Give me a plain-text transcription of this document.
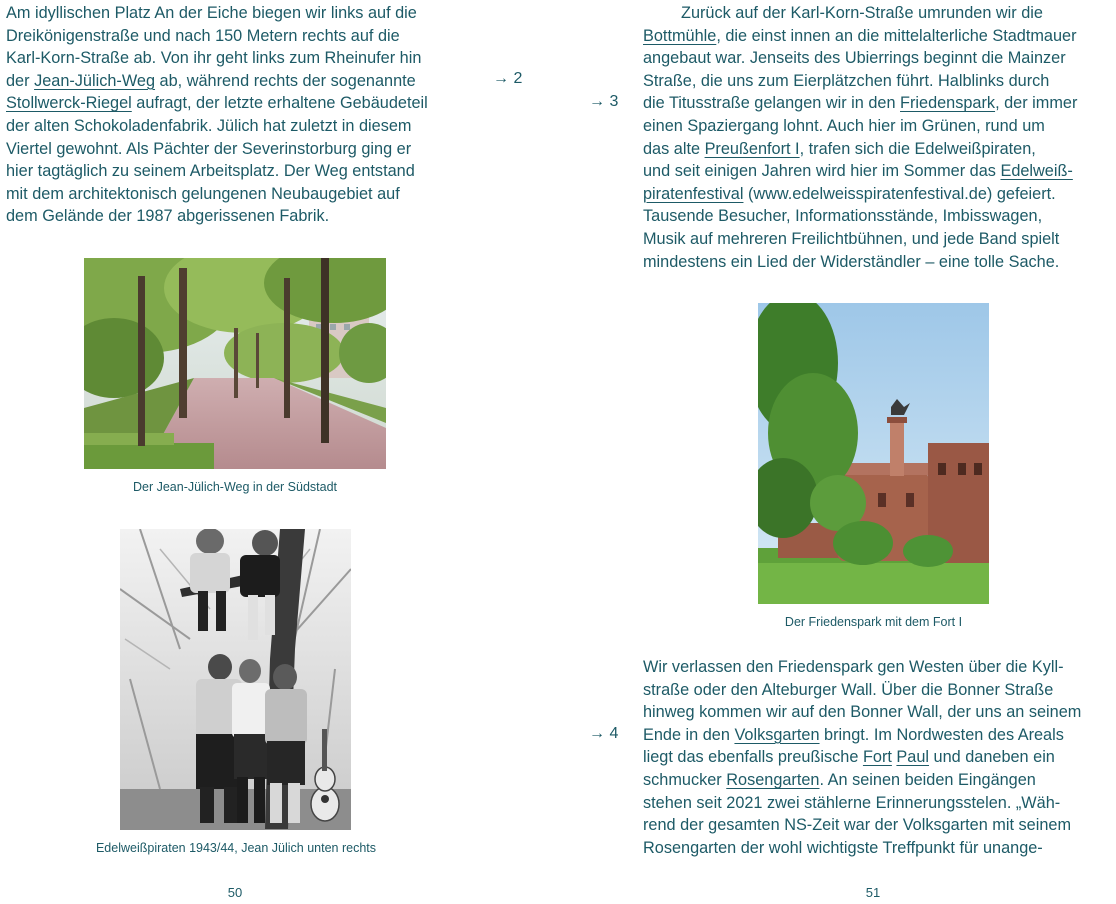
Am idyllischen Platz An der Eiche biegen wir links auf die
Dreikönigenstraße und nach 150 Metern rechts auf die
Karl-Korn-Straße ab. Von ihr geht links zum Rheinufer hin
der Jean-Jülich-Weg ab, während rechts der sogenannte
Stollwerck-Riegel aufragt, der letzte erhaltene Gebäudeteil
der alten Schokoladenfabrik. Jülich hat zuletzt in diesem
Viertel gewohnt. Als Pächter der Severinstorburg ging er
hier tagtäglich zu seinem Arbeitsplatz. Der Weg entstand
mit dem architektonisch gelungenen Neubaugebiet auf
dem Gelände der 1987 abgerissenen Fabrik.
→ 2
Der Jean-Jülich-Weg in der Südstadt
Edelweißpiraten 1943/44, Jean Jülich unten rechts
50
Zurück auf der Karl-Korn-Straße umrunden wir die
Bottmühle, die einst innen an die mittelalterliche Stadtmauer
angebaut war. Jenseits des Ubierrings beginnt die Mainzer
Straße, die uns zum Eierplätzchen führt. Halblinks durch
die Titusstraße gelangen wir in den Friedenspark, der immer
einen Spaziergang lohnt. Auch hier im Grünen, rund um
das alte Preußenfort I, trafen sich die Edelweißpiraten,
und seit einigen Jahren wird hier im Sommer das Edelweiß-
piratenfestival (www.edelweisspiratenfestival.de) gefeiert.
Tausende Besucher, Informationsstände, Imbisswagen,
Musik auf mehreren Freilichtbühnen, und jede Band spielt
mindestens ein Lied der Widerständler – eine tolle Sache.
→ 3
Der Friedenspark mit dem Fort I
Wir verlassen den Friedenspark gen Westen über die Kyll-
straße oder den Alteburger Wall. Über die Bonner Straße
hinweg kommen wir auf den Bonner Wall, der uns an seinem
Ende in den Volksgarten bringt. Im Nordwesten des Areals
liegt das ebenfalls preußische Fort Paul und daneben ein
schmucker Rosengarten. An seinen beiden Eingängen
stehen seit 2021 zwei stählerne Erinnerungsstelen. „Wäh-
rend der gesamten NS-Zeit war der Volksgarten mit seinem
Rosengarten der wohl wichtigste Treffpunkt für unange-
→ 4
51
